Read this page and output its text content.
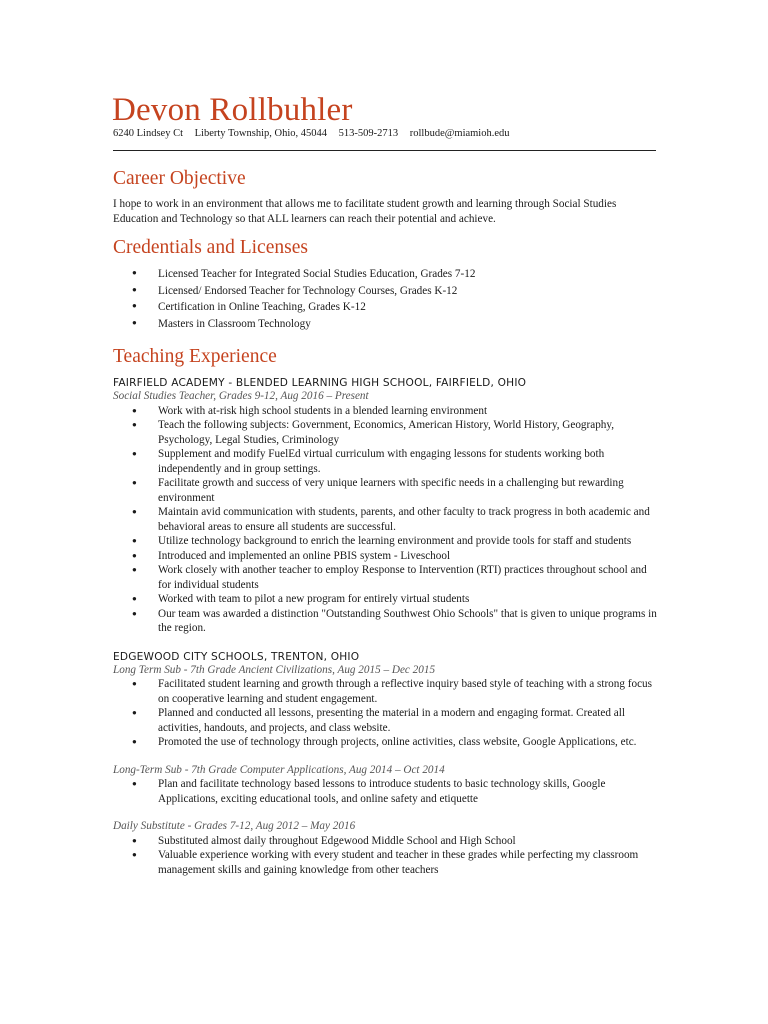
Devon Rollbuhler
6240 Lindsey Ct Liberty Township, Ohio, 45044 513-509-2713 rollbude@miamioh.edu
Career Objective

I hope to work in an environment that allows me to facilitate student growth and learning through Social Studies Education and Technology so that ALL learners can reach their potential and achieve.

Credentials and Licenses
● Licensed Teacher for Integrated Social Studies Education, Grades 7-12
● Licensed/ Endorsed Teacher for Technology Courses, Grades K-12
● Certification in Online Teaching, Grades K-12
● Masters in Classroom Technology
Teaching Experience
FAIRFIELD ACADEMY - BLENDED LEARNING HIGH SCHOOL, FAIRFIELD, OHIO
Social Studies Teacher, Grades 9-12, Aug 2016 – Present
● Work with at-risk high school students in a blended learning environment
● Teach the following subjects: Government, Economics, American History, World History, Geography, Psychology, Legal Studies, Criminology
● Supplement and modify FuelEd virtual curriculum with engaging lessons for students working both independently and in group settings.
● Facilitate growth and success of very unique learners with specific needs in a challenging but rewarding environment
● Maintain avid communication with students, parents, and other faculty to track progress in both academic and behavioral areas to ensure all students are successful.
● Utilize technology background to enrich the learning environment and provide tools for staff and students
● Introduced and implemented an online PBIS system - Liveschool
● Work closely with another teacher to employ Response to Intervention (RTI) practices throughout school and for individual students
● Worked with team to pilot a new program for entirely virtual students
● Our team was awarded a distinction "Outstanding Southwest Ohio Schools" that is given to unique programs in the region.
EDGEWOOD CITY SCHOOLS, TRENTON, OHIO
Long Term Sub - 7th Grade Ancient Civilizations, Aug 2015 – Dec 2015
● Facilitated student learning and growth through a reflective inquiry based style of teaching with a strong focus on cooperative learning and student engagement.
● Planned and conducted all lessons, presenting the material in a modern and engaging format. Created all activities, handouts, and projects, and class website.
● Promoted the use of technology through projects, online activities, class website, Google Applications, etc.
Long-Term Sub - 7th Grade Computer Applications, Aug 2014 – Oct 2014
● Plan and facilitate technology based lessons to introduce students to basic technology skills, Google Applications, exciting educational tools, and online safety and etiquette
Daily Substitute - Grades 7-12, Aug 2012 – May 2016
● Substituted almost daily throughout Edgewood Middle School and High School
● Valuable experience working with every student and teacher in these grades while perfecting my classroom management skills and gaining knowledge from other teachers
